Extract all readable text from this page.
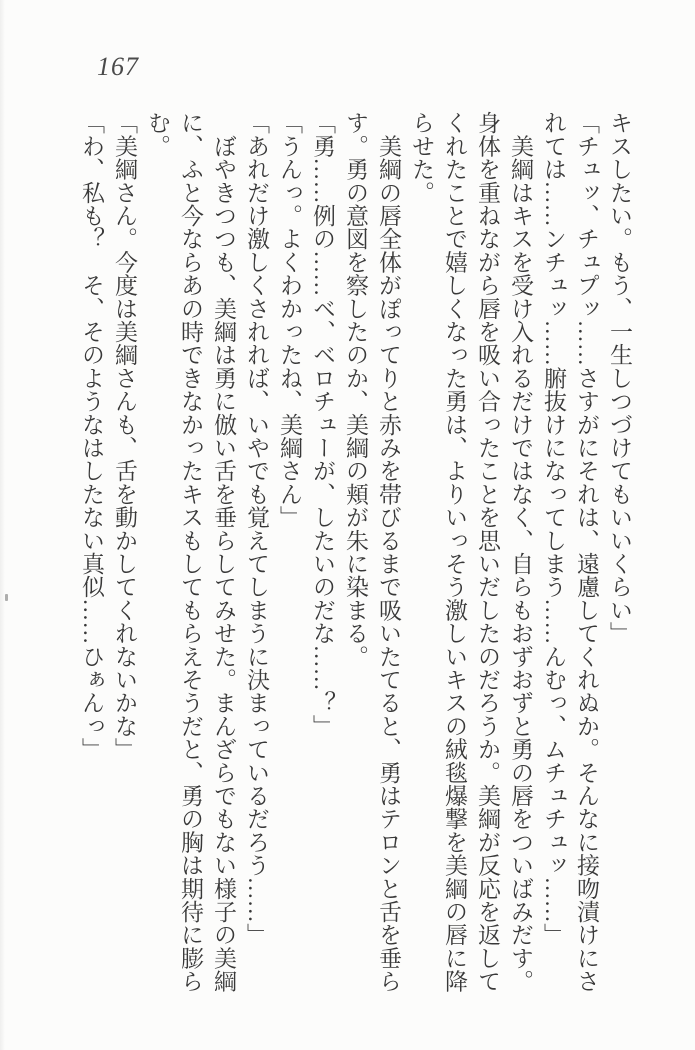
167
キスしたい。もう、一生しつづけてもいいくらい」
「チュッ、チュプッ……さすがにそれは、遠慮してくれぬか。そんなに接吻漬けにさ
れては……ンチュッ……腑抜けになってしまう……んむっ、ムチュチュッ……」
　美綱はキスを受け入れるだけではなく、自らもおずおずと勇の唇をついばみだす。
身体を重ねながら唇を吸い合ったことを思いだしたのだろうか。美綱が反応を返して
くれたことで嬉しくなった勇は、よりいっそう激しいキスの絨毯爆撃を美綱の唇に降
らせた。
　美綱の唇全体がぽってりと赤みを帯びるまで吸いたてると、勇はテロンと舌を垂ら
す。勇の意図を察したのか、美綱の頬が朱に染まる。
「勇……例の……ベ、ベロチューが、したいのだな……？」
「うんっ。よくわかったね、美綱さん」
「あれだけ激しくされれば、いやでも覚えてしまうに決まっているだろう……」
　ぼやきつつも、美綱は勇に倣い舌を垂らしてみせた。まんざらでもない様子の美綱
に、ふと今ならあの時できなかったキスもしてもらえそうだと、勇の胸は期待に膨ら
む。
「美綱さん。今度は美綱さんも、舌を動かしてくれないかな」
「わ、私も？　そ、そのようなはしたない真似……ひぁんっ」
